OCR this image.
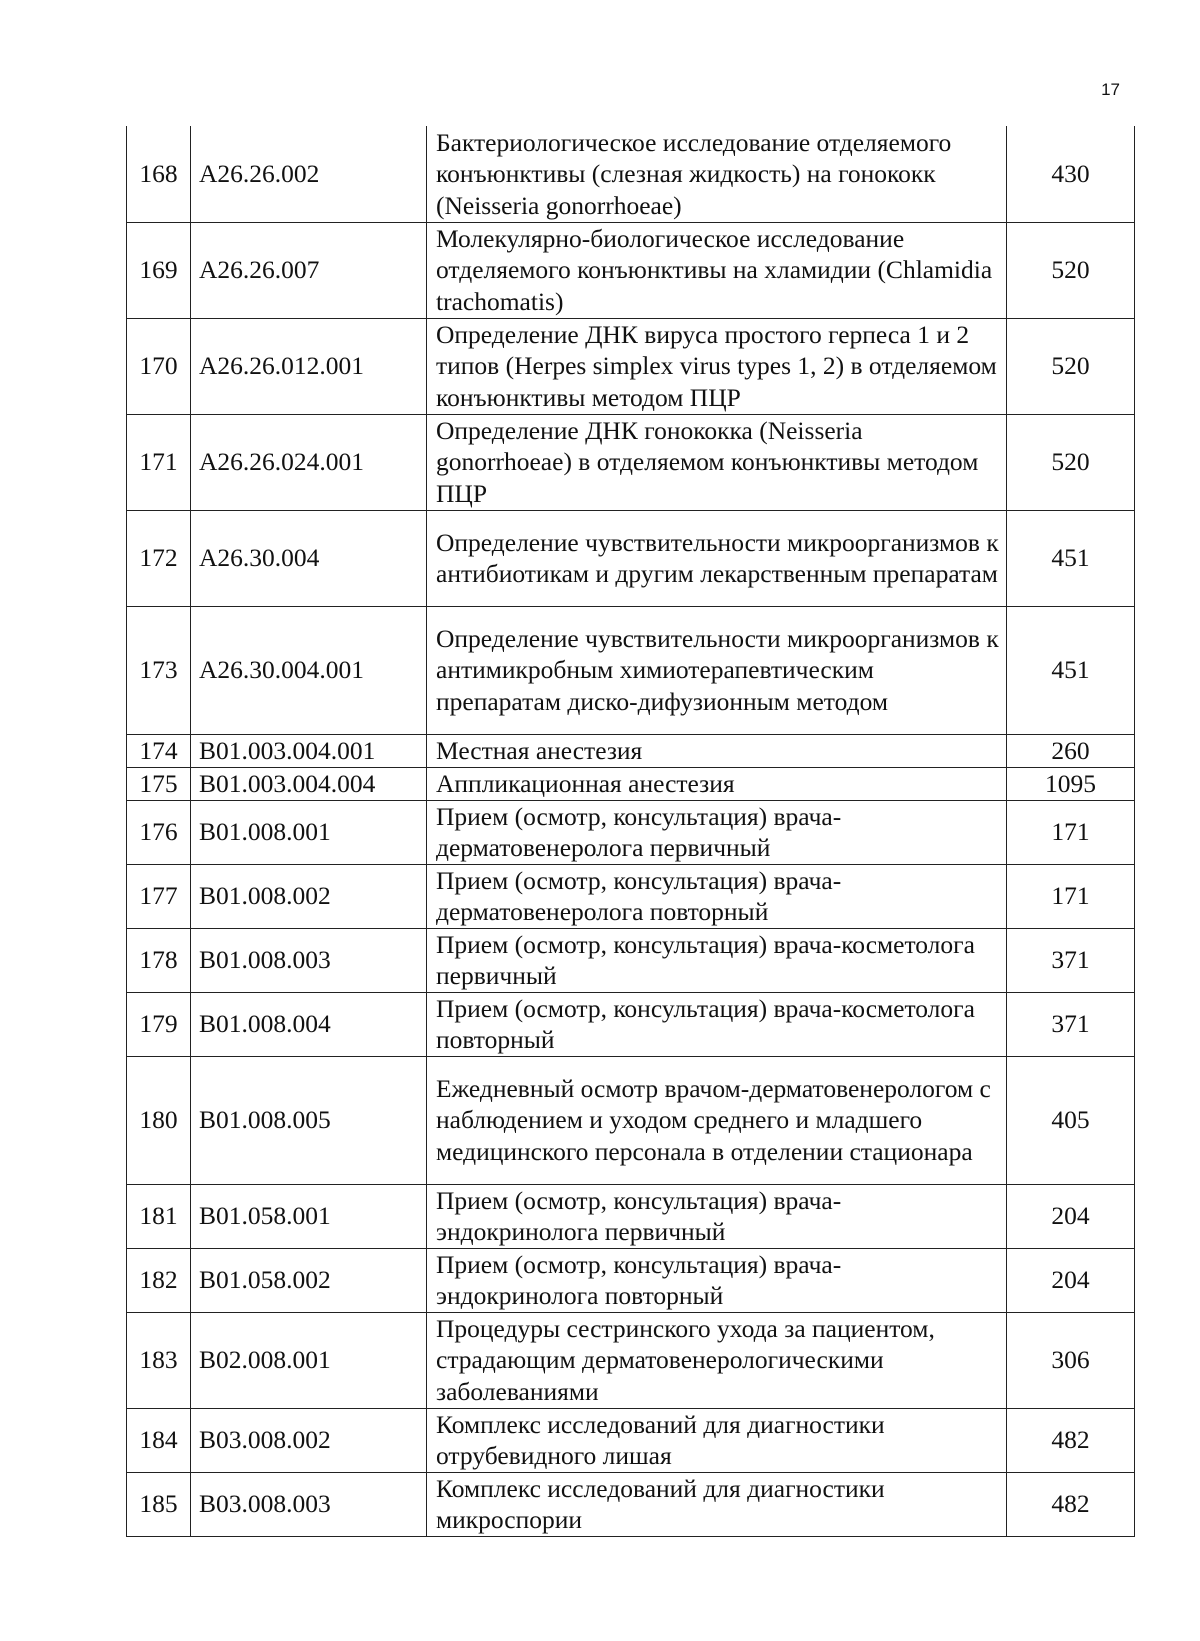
17
168	A26.26.002	Бактериологическое исследование отделяемого конъюнктивы (слезная жидкость) на гонококк (Neisseria gonorrhoeae)	430
169	A26.26.007	Молекулярно-биологическое исследование отделяемого конъюнктивы на хламидии (Chlamidia trachomatis)	520
170	A26.26.012.001	Определение ДНК вируса простого герпеса 1 и 2 типов (Herpes simplex virus types 1, 2) в отделяемом конъюнктивы методом ПЦР	520
171	A26.26.024.001	Определение ДНК гонококка (Neisseria gonorrhoeae) в отделяемом конъюнктивы методом ПЦР	520
172	A26.30.004	Определение чувствительности микроорганизмов к антибиотикам и другим лекарственным препаратам	451
173	A26.30.004.001	Определение чувствительности микроорганизмов к антимикробным химиотерапевтическим препаратам диско-дифузионным методом	451
174	B01.003.004.001	Местная анестезия	260
175	B01.003.004.004	Аппликационная анестезия	1095
176	B01.008.001	Прием (осмотр, консультация) врача-дерматовенеролога первичный	171
177	B01.008.002	Прием (осмотр, консультация) врача-дерматовенеролога повторный	171
178	B01.008.003	Прием (осмотр, консультация) врача-косметолога первичный	371
179	B01.008.004	Прием (осмотр, консультация) врача-косметолога повторный	371
180	B01.008.005	Ежедневный осмотр врачом-дерматовенерологом с наблюдением и уходом среднего и младшего медицинского персонала в отделении стационара	405
181	B01.058.001	Прием (осмотр, консультация) врача-эндокринолога первичный	204
182	B01.058.002	Прием (осмотр, консультация) врача-эндокринолога повторный	204
183	B02.008.001	Процедуры сестринского ухода за пациентом, страдающим дерматовенерологическими заболеваниями	306
184	B03.008.002	Комплекс исследований для диагностики отрубевидного лишая	482
185	B03.008.003	Комплекс исследований для диагностики микроспории	482
